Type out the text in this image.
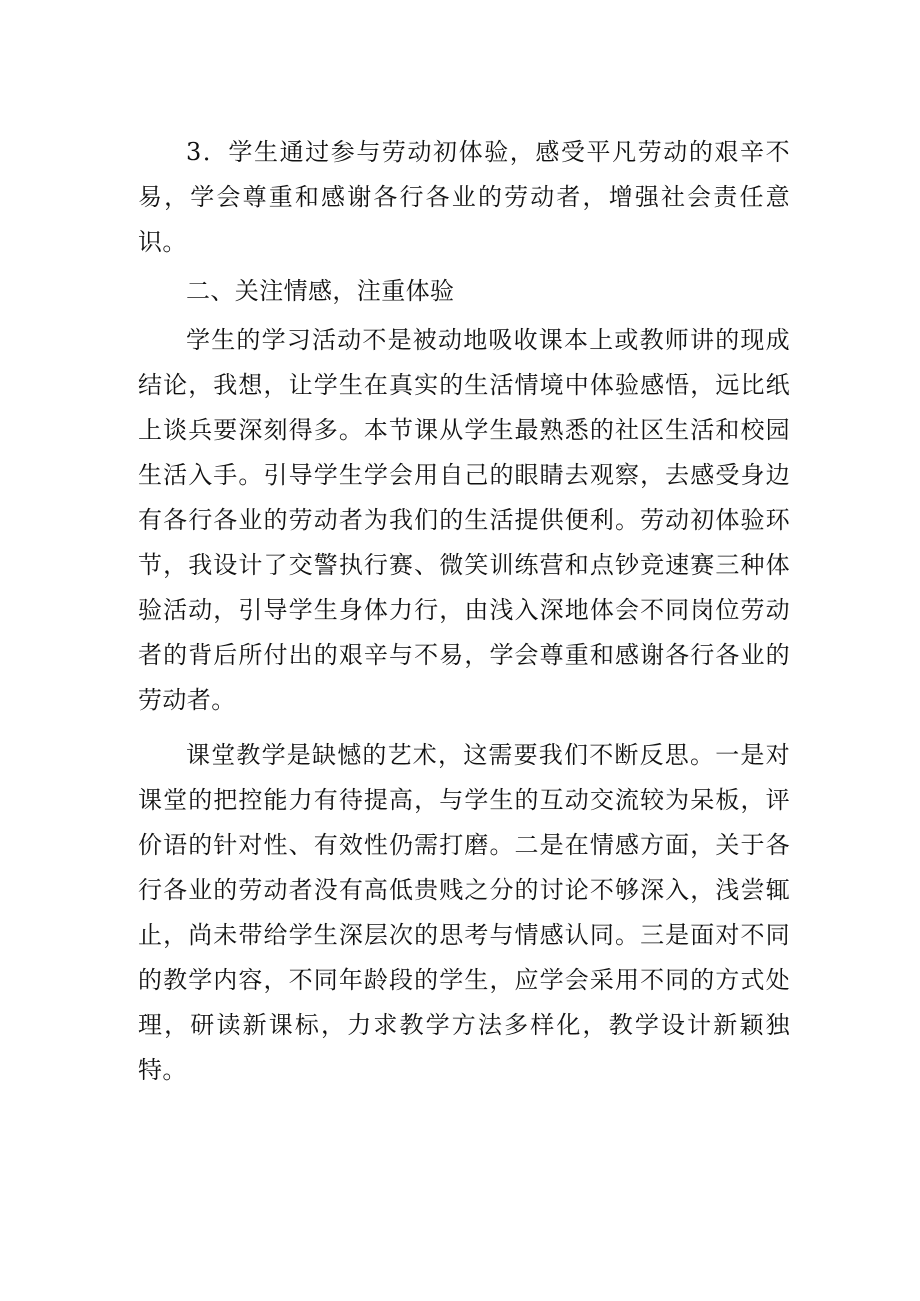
3．学生通过参与劳动初体验，感受平凡劳动的艰辛不易，学会尊重和感谢各行各业的劳动者，增强社会责任意识。

二、关注情感，注重体验

学生的学习活动不是被动地吸收课本上或教师讲的现成结论，我想，让学生在真实的生活情境中体验感悟，远比纸上谈兵要深刻得多。本节课从学生最熟悉的社区生活和校园生活入手。引导学生学会用自己的眼睛去观察，去感受身边有各行各业的劳动者为我们的生活提供便利。劳动初体验环节，我设计了交警执行赛、微笑训练营和点钞竞速赛三种体验活动，引导学生身体力行，由浅入深地体会不同岗位劳动者的背后所付出的艰辛与不易，学会尊重和感谢各行各业的劳动者。

课堂教学是缺憾的艺术，这需要我们不断反思。一是对课堂的把控能力有待提高，与学生的互动交流较为呆板，评价语的针对性、有效性仍需打磨。二是在情感方面，关于各行各业的劳动者没有高低贵贱之分的讨论不够深入，浅尝辄止，尚未带给学生深层次的思考与情感认同。三是面对不同的教学内容，不同年龄段的学生，应学会采用不同的方式处理，研读新课标，力求教学方法多样化，教学设计新颖独特。
